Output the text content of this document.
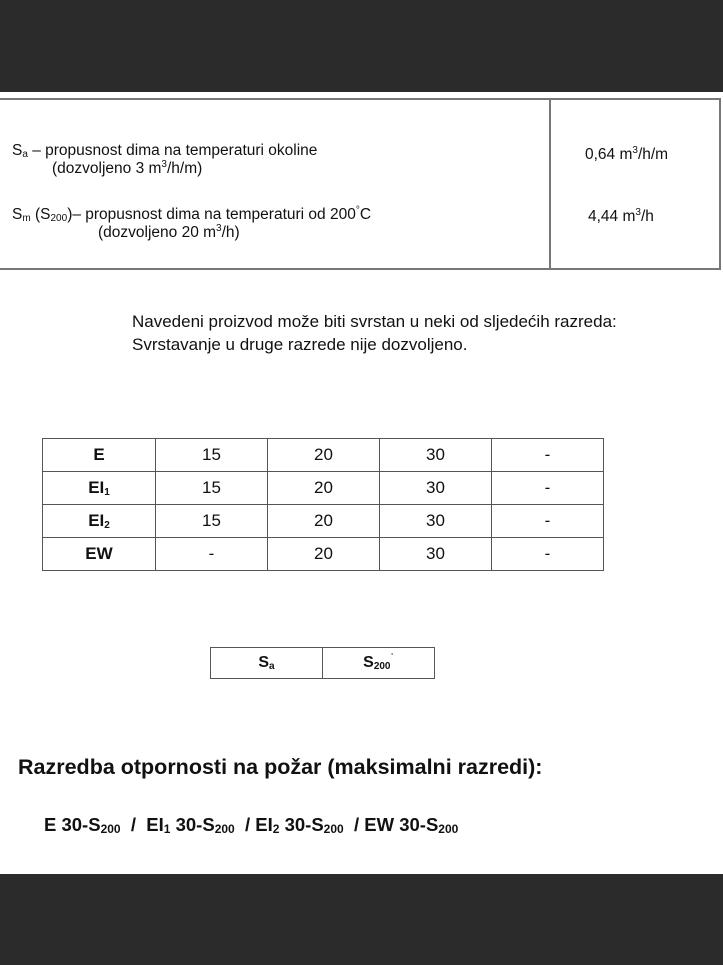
$S_a$ – propusnost dima na temperaturi okoline
(dozvoljeno 3 $m^3/h/m$)
0,64 $m^3/h/m$
$S_m$ $(S_{200})-$ propusnost dima na temperaturi od 200°C
(dozvoljeno 20 $m^3/h$)
4,44 $m^3/h$
Navedeni proizvod može biti svrstan u neki od sljedećih razreda:
Svrstavanje u druge razrede nije dozvoljeno.
E	15	20	30	-
$EI_1$	15	20	30	-
$EI_2$	15	20	30	-
EW	-	20	30	-
$S_a$	$S_{200}^˙$
Razredba otpornosti na požar (maksimalni razredi):
E $30-S_{200} / EI_1$ $30-S_{200} / EI_2$ $30-S_{200}$  / EW $30-S_{200}$
